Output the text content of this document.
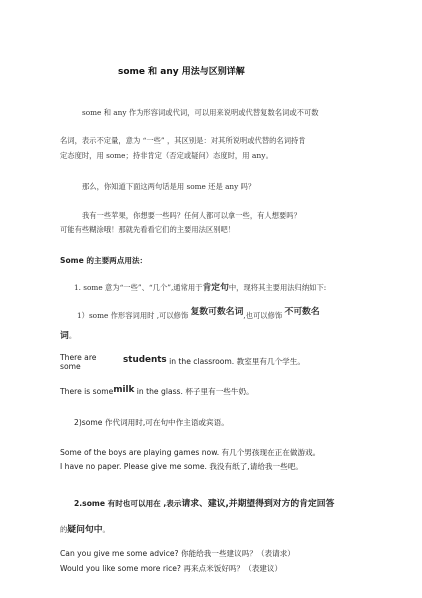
some 和 any 用法与区别详解
some 和 any 作为形容词或代词，可以用来说明或代替复数名词或不可数
名词，表示不定量，意为 “一些” ，其区别是：对其所说明或代替的名词持肯
定态度时，用 some；持非肯定（否定或疑问）态度时，用 any。
那么，你知道下面这两句话是用 some 还是 any 吗？
我有一些苹果，你想要一些吗？任何人都可以拿一些，有人想要吗？
可能有些糊涂哦！那就先看看它们的主要用法区别吧！
Some 的主要两点用法：
1. some 意为“一些”、“几个”,通常用于肯定句中，现将其主要用法归纳如下:
1）some 作形容词用时 ,可以修饰 复数可数名词,也可以修饰 不可数名
词。
There are
some
students in the classroom. 教室里有几个学生。
There is somemilk in the glass. 杯子里有一些牛奶。
2)some 作代词用时,可在句中作主语或宾语。
Some of the boys are playing games now. 有几个男孩现在正在做游戏。
I have no paper. Please give me some. 我没有纸了,请给我一些吧。
2.some 有时也可以用在 ,表示请求、建议,并期望得到对方的肯定回答
的疑问句中。
Can you give me some advice? 你能给我一些建议吗？（表请求）
Would you like some more rice? 再来点米饭好吗？（表建议）
